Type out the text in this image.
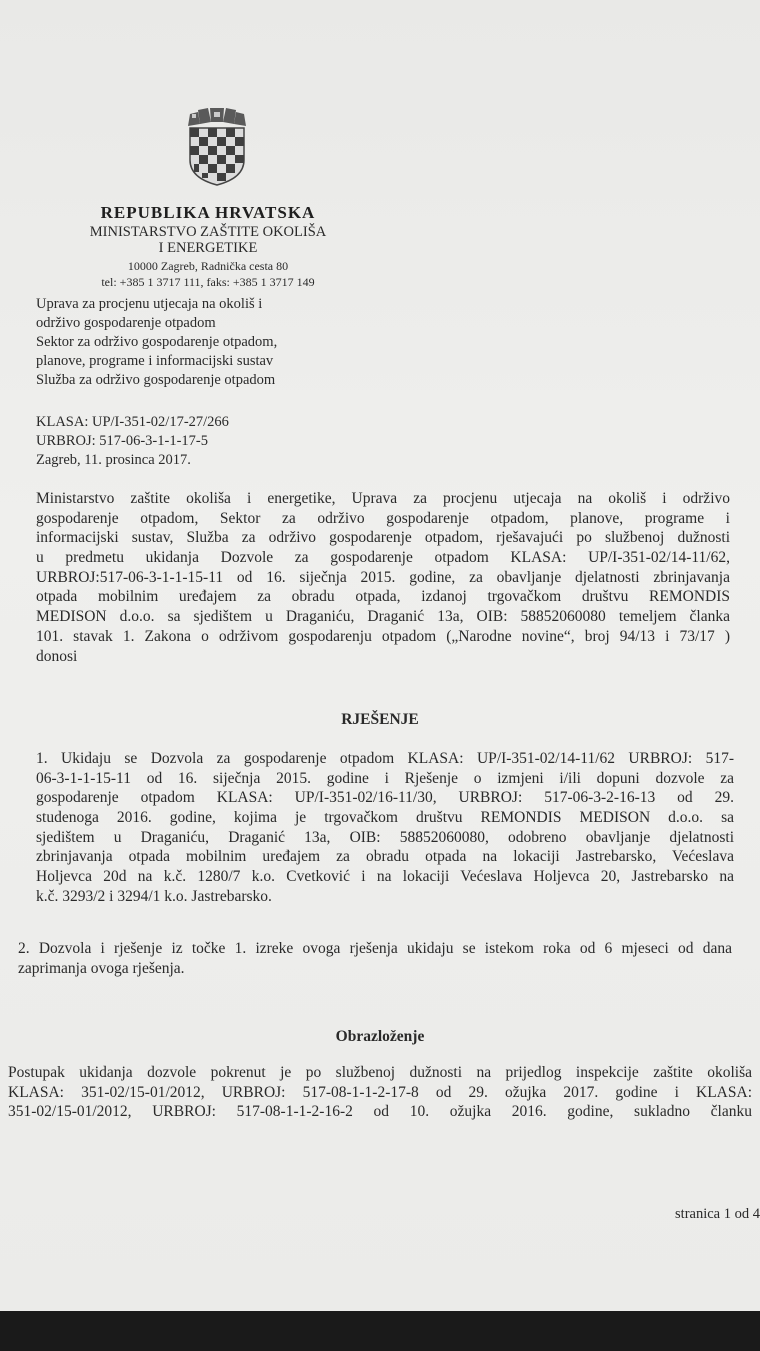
REPUBLIKA HRVATSKA
MINISTARSTVO ZAŠTITE OKOLIŠA
I ENERGETIKE
10000 Zagreb, Radnička cesta 80
tel: +385 1 3717 111, faks: +385 1 3717 149
Uprava za procjenu utjecaja na okoliš i
održivo gospodarenje otpadom
Sektor za održivo gospodarenje otpadom,
planove, programe i informacijski sustav
Služba za održivo gospodarenje otpadom
KLASA: UP/I-351-02/17-27/266
URBROJ: 517-06-3-1-1-17-5
Zagreb, 11. prosinca 2017.
Ministarstvo zaštite okoliša i energetike, Uprava za procjenu utjecaja na okoliš i održivo
gospodarenje otpadom, Sektor za održivo gospodarenje otpadom, planove, programe i
informacijski sustav, Služba za održivo gospodarenje otpadom, rješavajući po službenoj dužnosti
u predmetu ukidanja Dozvole za gospodarenje otpadom KLASA: UP/I-351-02/14-11/62,
URBROJ:517-06-3-1-1-15-11 od 16. siječnja 2015. godine, za obavljanje djelatnosti zbrinjavanja
otpada mobilnim uređajem za obradu otpada, izdanoj trgovačkom društvu REMONDIS
MEDISON d.o.o. sa sjedištem u Draganiću, Draganić 13a, OIB: 58852060080 temeljem članka
101. stavak 1. Zakona o održivom gospodarenju otpadom („Narodne novine“, broj 94/13 i 73/17 )
donosi
RJEŠENJE
1. Ukidaju se Dozvola za gospodarenje otpadom KLASA: UP/I-351-02/14-11/62 URBROJ: 517-
06-3-1-1-15-11 od 16. siječnja 2015. godine i Rješenje o izmjeni i/ili dopuni dozvole za
gospodarenje otpadom KLASA: UP/I-351-02/16-11/30, URBROJ: 517-06-3-2-16-13 od 29.
studenoga 2016. godine, kojima je trgovačkom društvu REMONDIS MEDISON d.o.o. sa
sjedištem u Draganiću, Draganić 13a, OIB: 58852060080, odobreno obavljanje djelatnosti
zbrinjavanja otpada mobilnim uređajem za obradu otpada na lokaciji Jastrebarsko, Većeslava
Holjevca 20d na k.č. 1280/7 k.o. Cvetković i na lokaciji Većeslava Holjevca 20, Jastrebarsko na
k.č. 3293/2 i 3294/1 k.o. Jastrebarsko.
2. Dozvola i rješenje iz točke 1. izreke ovoga rješenja ukidaju se istekom roka od 6 mjeseci od dana
zaprimanja ovoga rješenja.
Obrazloženje
Postupak ukidanja dozvole pokrenut je po službenoj dužnosti na prijedlog inspekcije zaštite okoliša
KLASA: 351-02/15-01/2012, URBROJ: 517-08-1-1-2-17-8 od 29. ožujka 2017. godine i KLASA:
351-02/15-01/2012, URBROJ: 517-08-1-1-2-16-2 od 10. ožujka 2016. godine, sukladno članku
stranica 1 od 4
